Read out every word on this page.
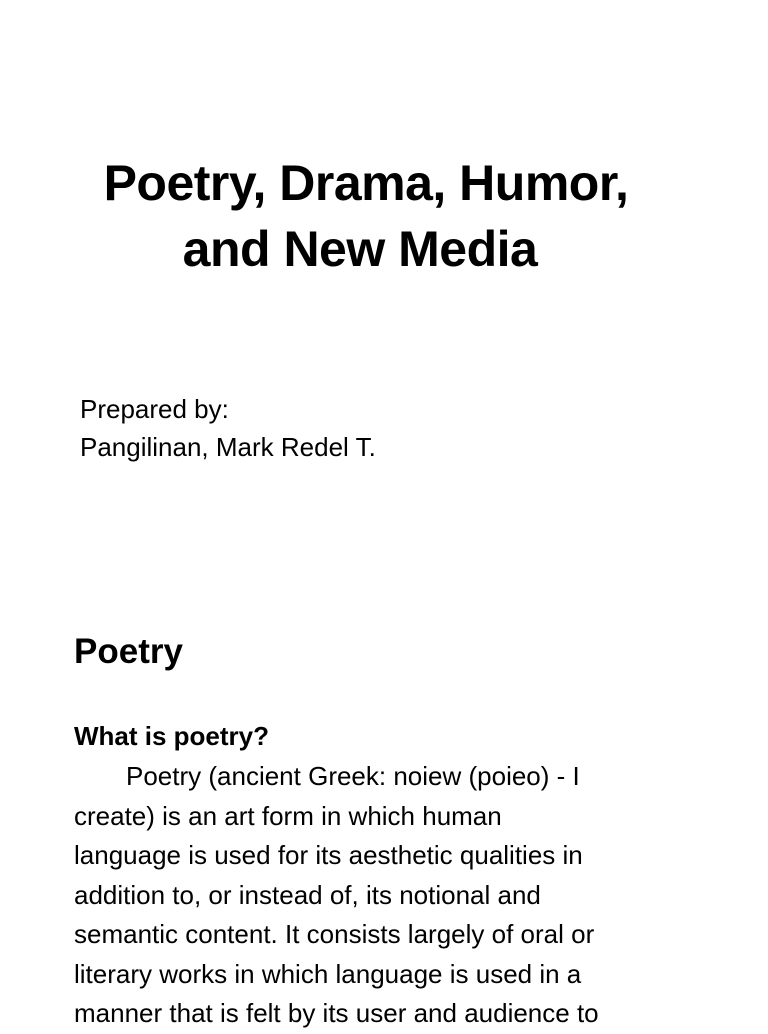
Poetry, Drama, Humor,
and New Media
Prepared by:
Pangilinan, Mark Redel T.
Poetry
What is poetry?
Poetry (ancient Greek: noiew (poieo) - I
create) is an art form in which human
language is used for its aesthetic qualities in
addition to, or instead of, its notional and
semantic content. It consists largely of oral or
literary works in which language is used in a
manner that is felt by its user and audience to
